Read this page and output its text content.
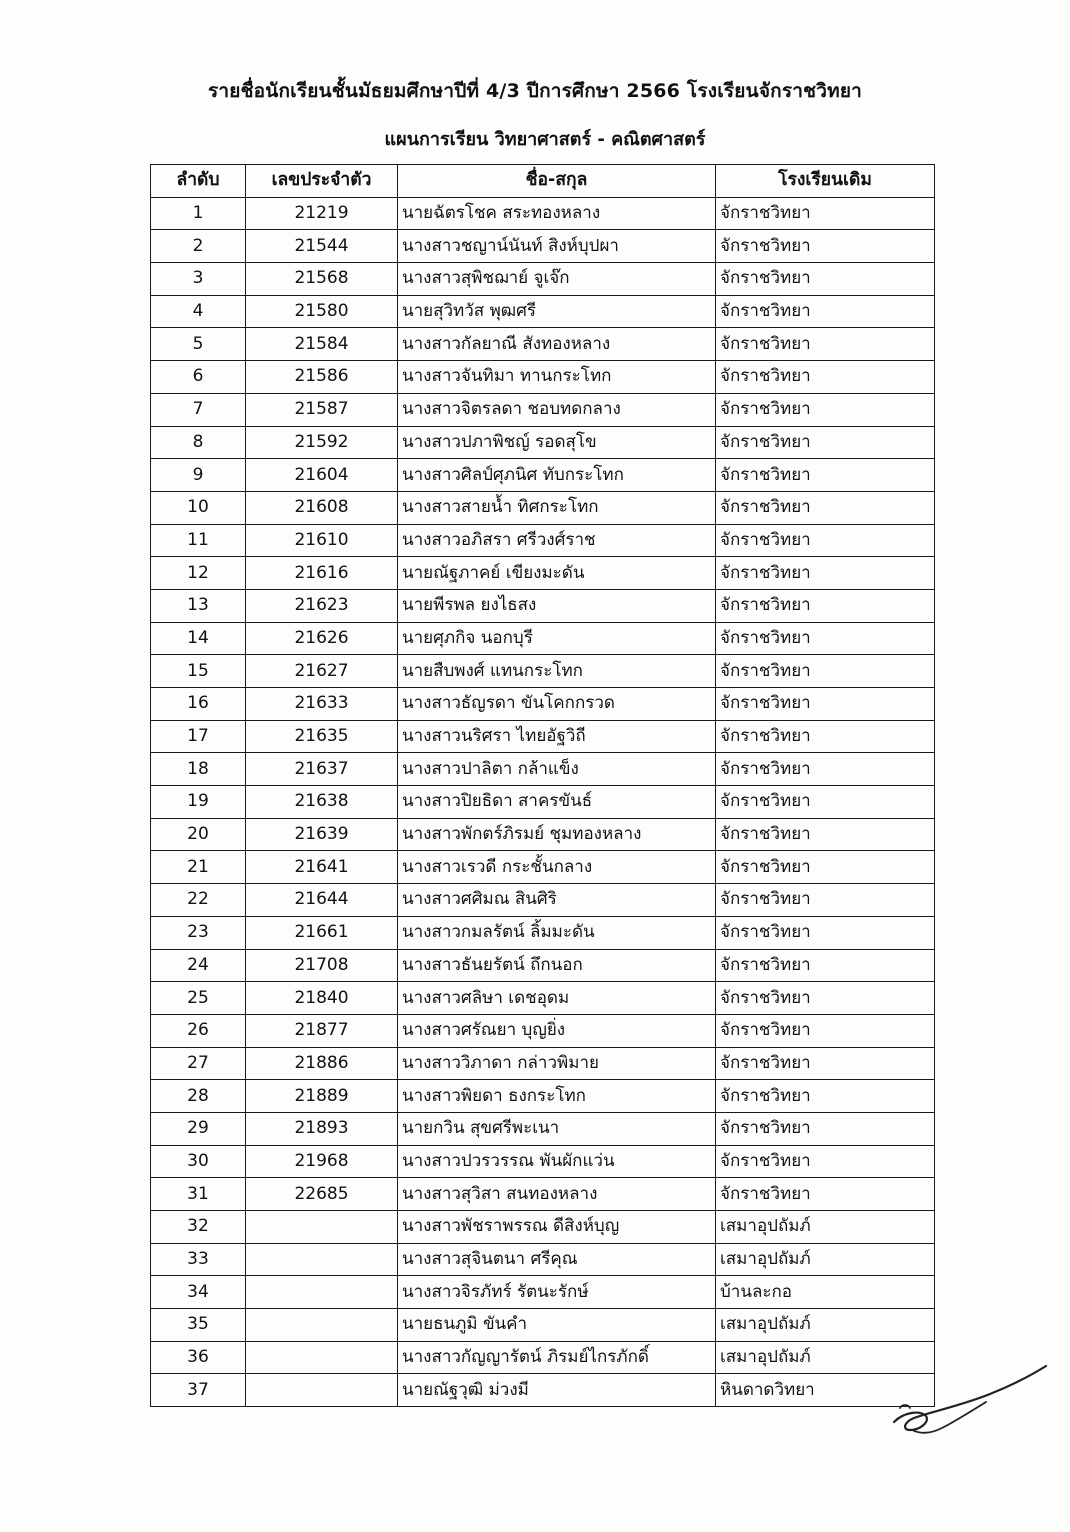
รายชื่อนักเรียนชั้นมัธยมศึกษาปีที่ 4/3 ปีการศึกษา 2566 โรงเรียนจักราชวิทยา
แผนการเรียน วิทยาศาสตร์ - คณิตศาสตร์
ลำดับ	เลขประจำตัว	ชื่อ-สกุล	โรงเรียนเดิม
1	21219	นายฉัตรโชค สระทองหลาง	จักราชวิทยา
2	21544	นางสาวชญาน์นันท์ สิงห์บุปผา	จักราชวิทยา
3	21568	นางสาวสุพิชฌาย์ จูเจ๊ก	จักราชวิทยา
4	21580	นายสุวิทวัส พุฒศรี	จักราชวิทยา
5	21584	นางสาวกัลยาณี สังทองหลาง	จักราชวิทยา
6	21586	นางสาวจันทิมา ทานกระโทก	จักราชวิทยา
7	21587	นางสาวจิตรลดา ชอบทดกลาง	จักราชวิทยา
8	21592	นางสาวปภาพิชญ์ รอดสุโข	จักราชวิทยา
9	21604	นางสาวศิลป์ศุภนิศ ทับกระโทก	จักราชวิทยา
10	21608	นางสาวสายน้ำ ทิศกระโทก	จักราชวิทยา
11	21610	นางสาวอภิสรา ศรีวงศ์ราช	จักราชวิทยา
12	21616	นายณัฐภาคย์ เขียงมะดัน	จักราชวิทยา
13	21623	นายพีรพล ยงไธสง	จักราชวิทยา
14	21626	นายศุภกิจ นอกบุรี	จักราชวิทยา
15	21627	นายสืบพงศ์ แทนกระโทก	จักราชวิทยา
16	21633	นางสาวธัญรดา ขันโคกกรวด	จักราชวิทยา
17	21635	นางสาวนริศรา ไทยอัฐวิถี	จักราชวิทยา
18	21637	นางสาวปาลิตา กล้าแข็ง	จักราชวิทยา
19	21638	นางสาวปิยธิดา สาครขันธ์	จักราชวิทยา
20	21639	นางสาวพักตร์ภิรมย์ ชุมทองหลาง	จักราชวิทยา
21	21641	นางสาวเรวดี กระชั้นกลาง	จักราชวิทยา
22	21644	นางสาวศศิมณ สินศิริ	จักราชวิทยา
23	21661	นางสาวกมลรัตน์ ลิ้มมะดัน	จักราชวิทยา
24	21708	นางสาวธันยรัตน์ ถึกนอก	จักราชวิทยา
25	21840	นางสาวศลิษา เดชอุดม	จักราชวิทยา
26	21877	นางสาวศรัณยา บุญยิ่ง	จักราชวิทยา
27	21886	นางสาววิภาดา กล่าวพิมาย	จักราชวิทยา
28	21889	นางสาวพิยดา ธงกระโทก	จักราชวิทยา
29	21893	นายกวิน สุขศรีพะเนา	จักราชวิทยา
30	21968	นางสาวปวรวรรณ พันผักแว่น	จักราชวิทยา
31	22685	นางสาวสุวิสา สนทองหลาง	จักราชวิทยา
32		นางสาวพัชราพรรณ ดีสิงห์บุญ	เสมาอุปถัมภ์
33		นางสาวสุจินตนา ศรีคุณ	เสมาอุปถัมภ์
34		นางสาวจิรภัทร์ รัตนะรักษ์	บ้านละกอ
35		นายธนภูมิ ขันคำ	เสมาอุปถัมภ์
36		นางสาวกัญญารัตน์ ภิรมย์ไกรภักดิ์	เสมาอุปถัมภ์
37		นายณัฐวุฒิ ม่วงมี	หินดาดวิทยา
